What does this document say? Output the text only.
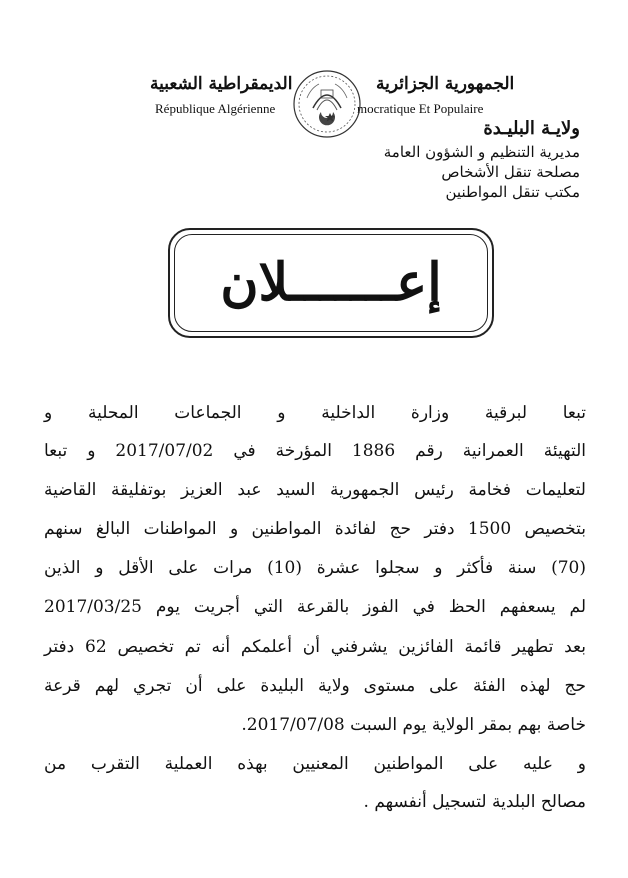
الجمهورية الجزائرية
الديمقراطية الشعبية
République Algérienne	mocratique Et Populaire
ولايـة البليـدة
مديرية التنظيم و الشؤون العامة
مصلحة تنقل الأشخاص
مكتب تنقل المواطنين
إعـــــــلان
تبعا لبرقية وزارة الداخلية و الجماعات المحلية و
التهيئة العمرانية رقم 1886 المؤرخة في 2017/07/02 و تبعا
لتعليمات فخامة رئيس الجمهورية السيد عبد العزيز بوتفليقة القاضية
بتخصيص 1500 دفتر حج لفائدة المواطنين و المواطنات البالغ سنهم
(70) سنة فأكثر و سجلوا عشرة (10) مرات على الأقل و الذين
لم يسعفهم الحظ في الفوز بالقرعة التي أجريت يوم 2017/03/25
بعد تطهير قائمة الفائزين يشرفني أن أعلمكم أنه تم تخصيص 62 دفتر
حج لهذه الفئة على مستوى ولاية البليدة على أن تجري لهم قرعة
خاصة بهم بمقر الولاية يوم السبت 2017/07/08.
و عليه على المواطنين المعنيين بهذه العملية التقرب من
مصالح البلدية لتسجيل أنفسهم .
